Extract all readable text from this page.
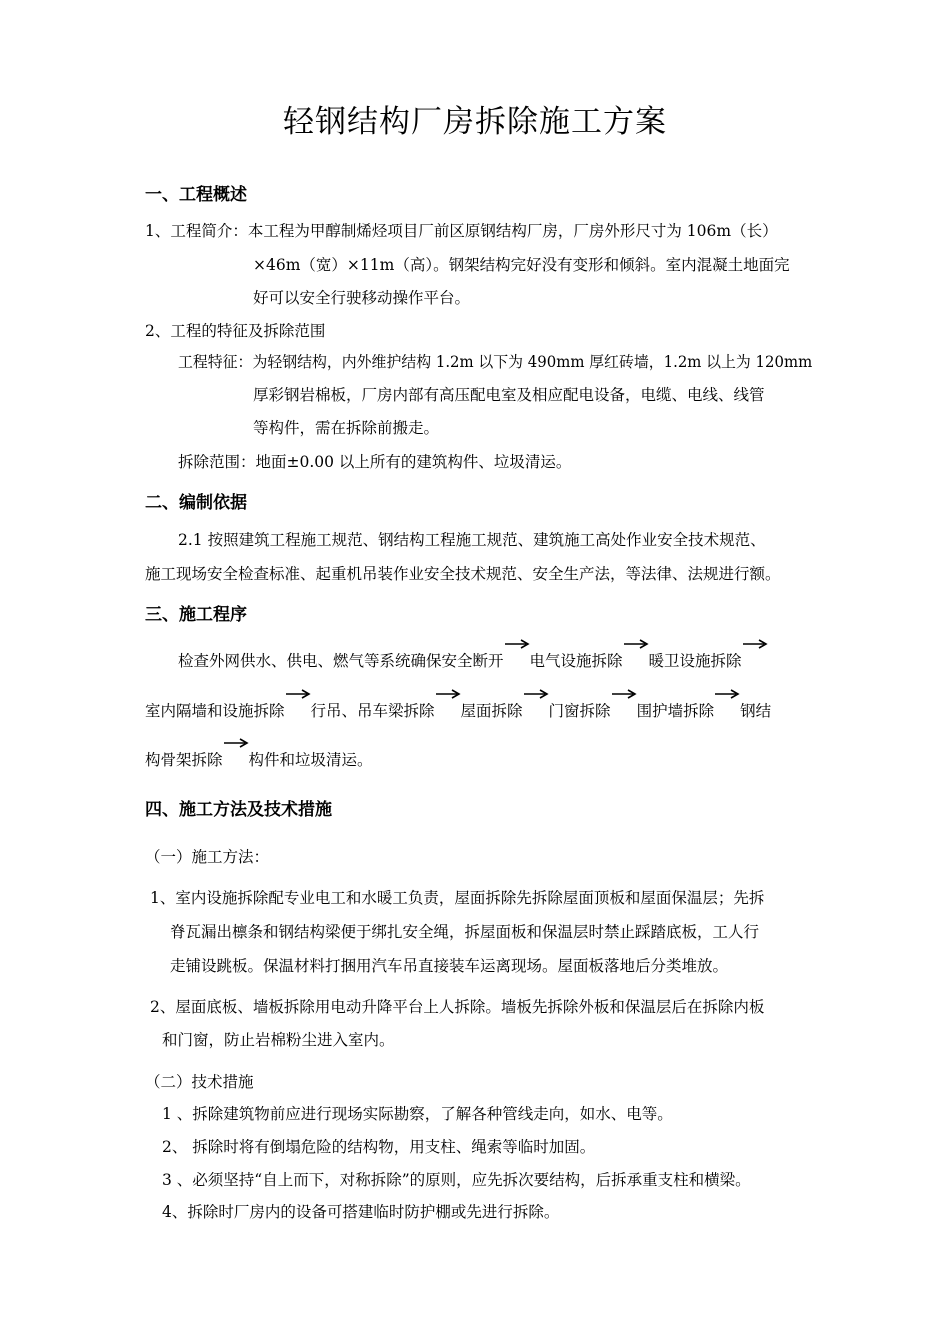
轻钢结构厂房拆除施工方案
一、工程概述
1、工程简介：本工程为甲醇制烯烃项目厂前区原钢结构厂房，厂房外形尺寸为 106m（长）
×46m（宽）×11m（高）。钢架结构完好没有变形和倾斜。室内混凝土地面完
好可以安全行驶移动操作平台。
2、工程的特征及拆除范围
工程特征：为轻钢结构，内外维护结构 1.2m 以下为 490mm 厚红砖墙，1.2m 以上为 120mm
厚彩钢岩棉板，厂房内部有高压配电室及相应配电设备，电缆、电线、线管
等构件，需在拆除前搬走。
拆除范围：地面±0.00 以上所有的建筑构件、垃圾清运。
二、编制依据
2.1 按照建筑工程施工规范、钢结构工程施工规范、建筑施工高处作业安全技术规范、
施工现场安全检查标准、起重机吊装作业安全技术规范、安全生产法，等法律、法规进行额。
三、施工程序
检查外网供水、供电、燃气等系统确保安全断开 电气设施拆除 暖卫设施拆除
室内隔墙和设施拆除 行吊、吊车梁拆除 屋面拆除 门窗拆除 围护墙拆除 钢结
构骨架拆除 构件和垃圾清运。
四、施工方法及技术措施
（一）施工方法：
1、室内设施拆除配专业电工和水暖工负责，屋面拆除先拆除屋面顶板和屋面保温层；先拆
脊瓦漏出檩条和钢结构梁便于绑扎安全绳，拆屋面板和保温层时禁止踩踏底板，工人行
走铺设跳板。保温材料打捆用汽车吊直接装车运离现场。屋面板落地后分类堆放。
2、屋面底板、墙板拆除用电动升降平台上人拆除。墙板先拆除外板和保温层后在拆除内板
和门窗，防止岩棉粉尘进入室内。
（二）技术措施
1 、拆除建筑物前应进行现场实际勘察，了解各种管线走向，如水、电等。
2、 拆除时将有倒塌危险的结构物，用支柱、绳索等临时加固。
3 、必须坚持“自上而下，对称拆除”的原则，应先拆次要结构，后拆承重支柱和横梁。
4、拆除时厂房内的设备可搭建临时防护棚或先进行拆除。
